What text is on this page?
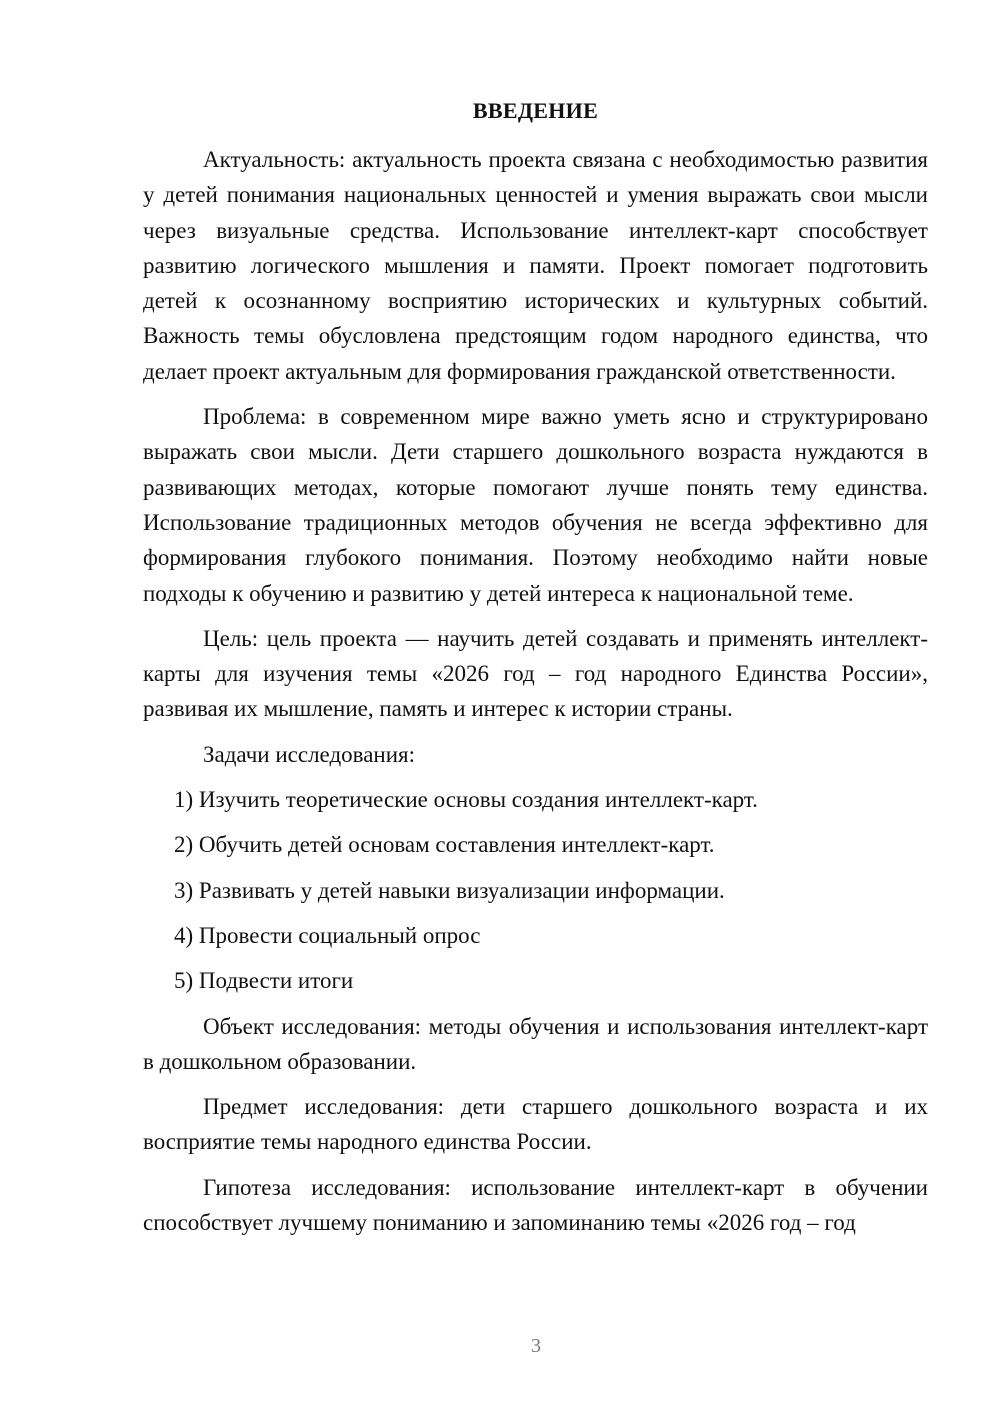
ВВЕДЕНИЕ

Актуальность: актуальность проекта связана с необходимостью развития у детей понимания национальных ценностей и умения выражать свои мысли через визуальные средства. Использование интеллект-карт способствует развитию логического мышления и памяти. Проект помогает подготовить детей к осознанному восприятию исторических и культурных событий. Важность темы обусловлена предстоящим годом народного единства, что делает проект актуальным для формирования гражданской ответственности.

Проблема: в современном мире важно уметь ясно и структурировано выражать свои мысли. Дети старшего дошкольного возраста нуждаются в развивающих методах, которые помогают лучше понять тему единства. Использование традиционных методов обучения не всегда эффективно для формирования глубокого понимания. Поэтому необходимо найти новые подходы к обучению и развитию у детей интереса к национальной теме.

Цель: цель проекта — научить детей создавать и применять интеллект-карты для изучения темы «2026 год – год народного Единства России», развивая их мышление, память и интерес к истории страны.

Задачи исследования:

1) Изучить теоретические основы создания интеллект-карт.

2) Обучить детей основам составления интеллект-карт.

3) Развивать у детей навыки визуализации информации.

4) Провести социальный опрос

5) Подвести итоги

Объект исследования: методы обучения и использования интеллект-карт в дошкольном образовании.

Предмет исследования: дети старшего дошкольного возраста и их восприятие темы народного единства России.

Гипотеза исследования: использование интеллект-карт в обучении способствует лучшему пониманию и запоминанию темы «2026 год – год

3
